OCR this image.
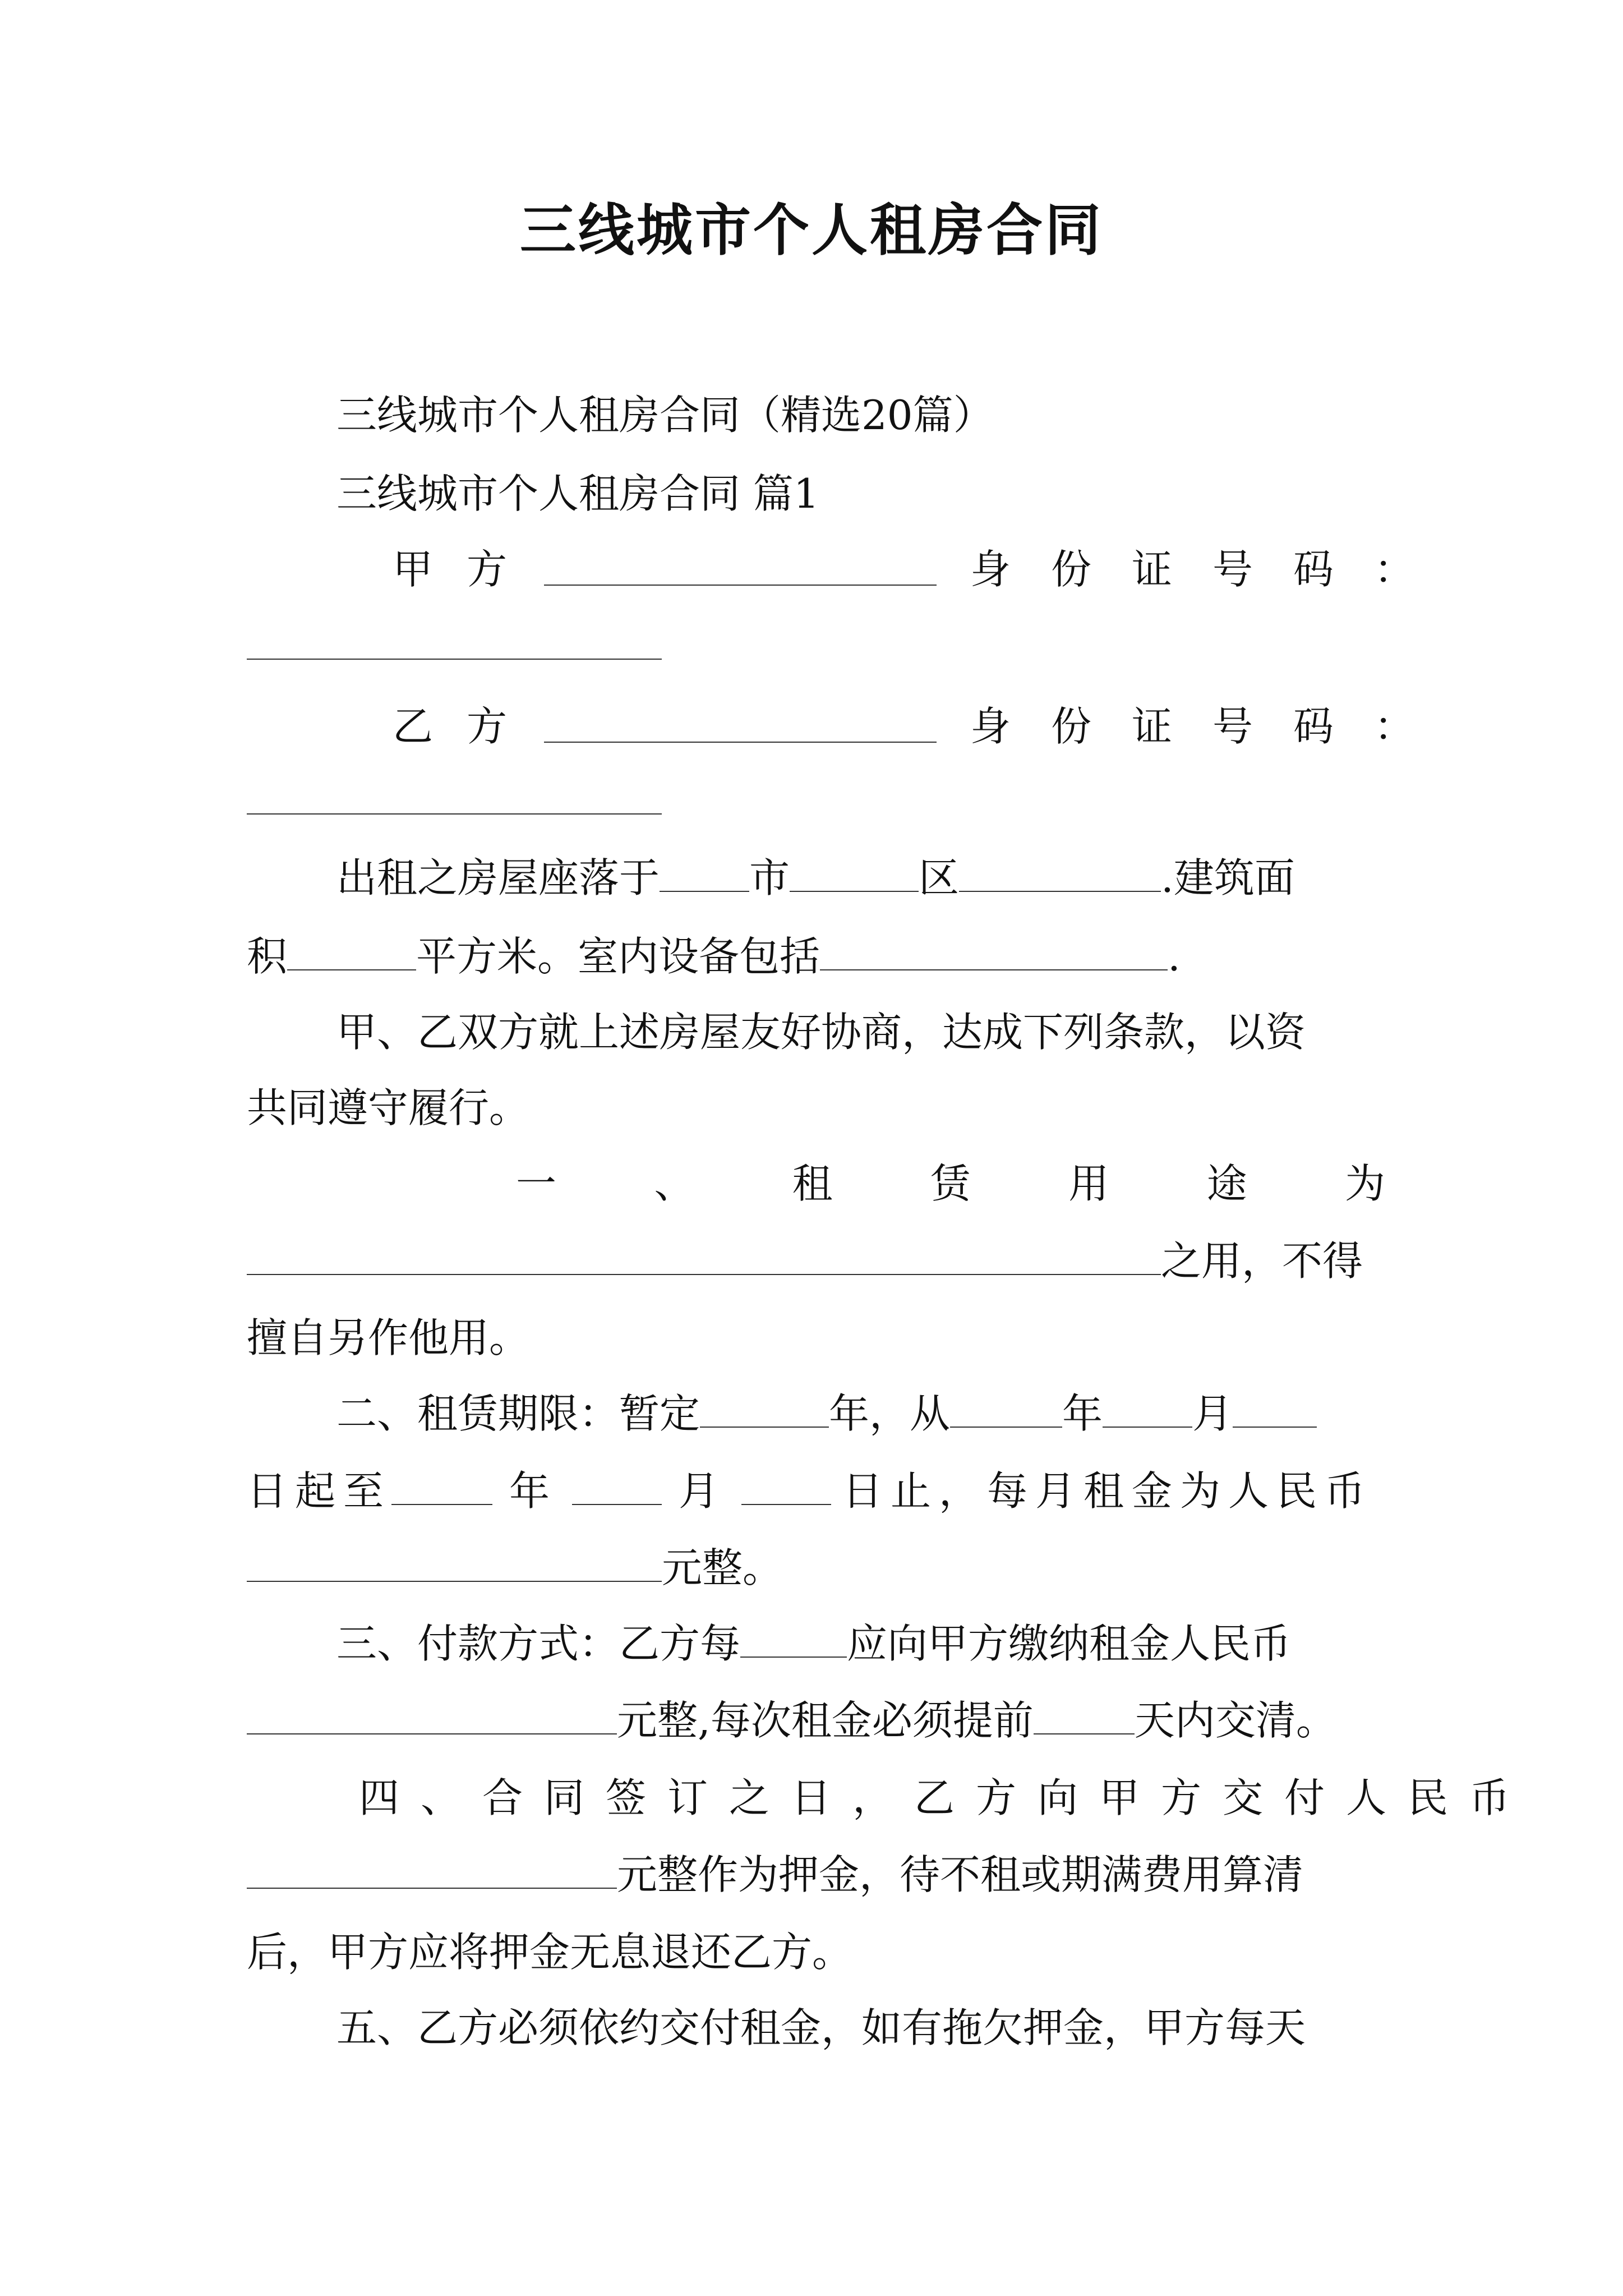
三线城市个人租房合同
三线城市个人租房合同（精选20篇）
三线城市个人租房合同 篇1
甲方	身份证号码：
乙方	身份证号码：
出租之房屋座落于 市	区	.建筑面
积	平方米。室内设备包括	.
甲、乙双方就上述房屋友好协商，达成下列条款，以资
共同遵守履行。
一 、 租 赁 用 途 为
之用，不得
擅自另作他用。
二、租赁期限：暂定	年，从	年 月
日起至	年	月	日止，每月租金为人民币
元整。
三、付款方式：乙方每	应向甲方缴纳租金人民币
元整,每次租金必须提前	天内交清。
四、合同签订之日，乙方向甲方交付人民币
元整作为押金，待不租或期满费用算清
后，甲方应将押金无息退还乙方。
五、乙方必须依约交付租金，如有拖欠押金，甲方每天
